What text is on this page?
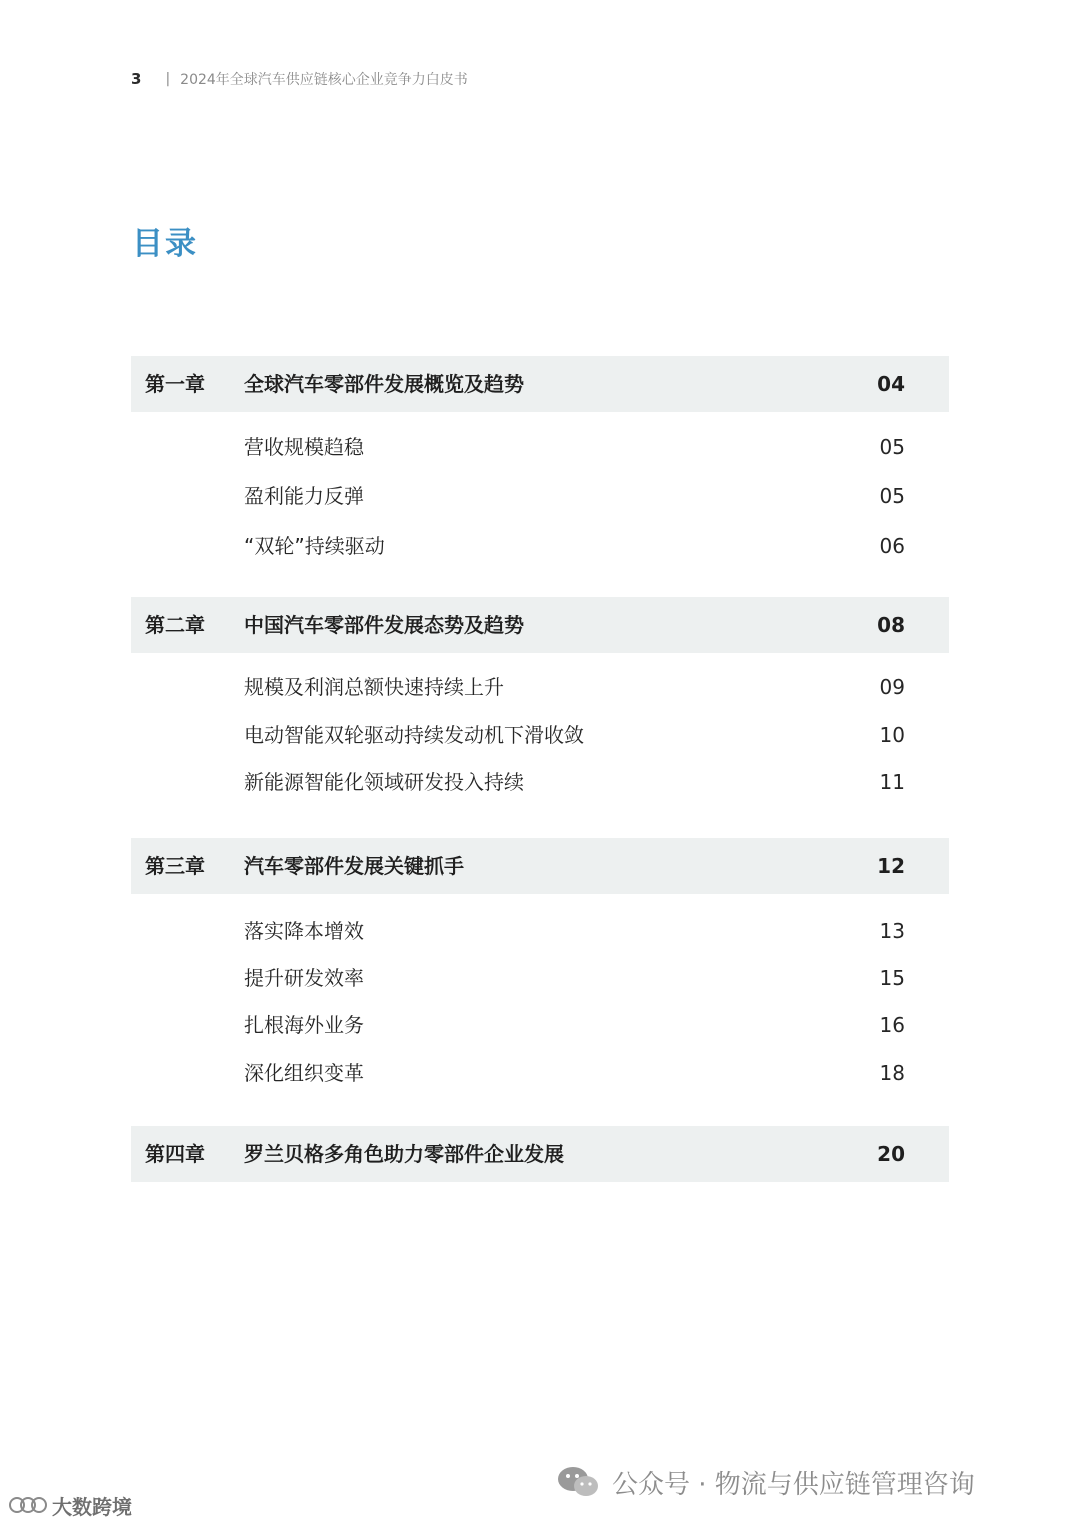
3 | 2024年全球汽车供应链核心企业竞争力白皮书
目录
第一章 全球汽车零部件发展概览及趋势	04
营收规模趋稳	05
盈利能力反弹	05
“双轮”持续驱动	06
第二章 中国汽车零部件发展态势及趋势	08
规模及利润总额快速持续上升	09
电动智能双轮驱动持续发动机下滑收敛	10
新能源智能化领域研发投入持续	11
第三章 汽车零部件发展关键抓手	12
落实降本增效	13
提升研发效率	15
扎根海外业务	16
深化组织变革	18
第四章 罗兰贝格多角色助力零部件企业发展	20
公众号 · 物流与供应链管理咨询
大数跨境
